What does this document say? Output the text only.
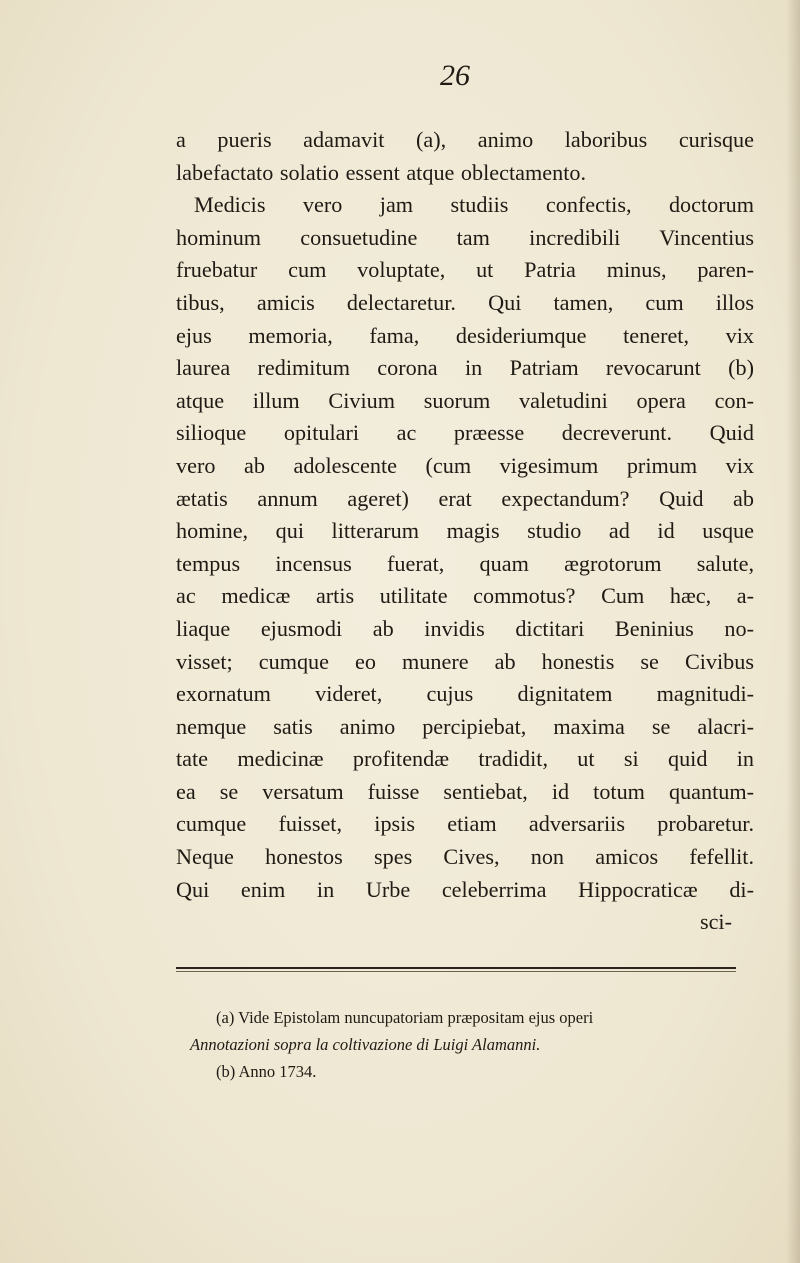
26
a pueris adamavit (a), animo laboribus curisque
labefactato solatio essent atque oblectamento.
Medicis vero jam studiis confectis, doctorum
hominum consuetudine tam incredibili Vincentius
fruebatur cum voluptate, ut Patria minus, paren-
tibus, amicis delectaretur. Qui tamen, cum illos
ejus memoria, fama, desideriumque teneret, vix
laurea redimitum corona in Patriam revocarunt (b)
atque illum Civium suorum valetudini opera con-
silioque opitulari ac præesse decreverunt. Quid
vero ab adolescente (cum vigesimum primum vix
ætatis annum ageret) erat expectandum? Quid ab
homine, qui litterarum magis studio ad id usque
tempus incensus fuerat, quam ægrotorum salute,
ac medicæ artis utilitate commotus? Cum hæc, a-
liaque ejusmodi ab invidis dictitari Beninius no-
visset; cumque eo munere ab honestis se Civibus
exornatum videret, cujus dignitatem magnitudi-
nemque satis animo percipiebat, maxima se alacri-
tate medicinæ profitendæ tradidit, ut si quid in
ea se versatum fuisse sentiebat, id totum quantum-
cumque fuisset, ipsis etiam adversariis probaretur.
Neque honestos spes Cives, non amicos fefellit.
Qui enim in Urbe celeberrima Hippocraticæ di-
sci-
(a) Vide Epistolam nuncupatoriam præpositam ejus operi
Annotazioni sopra la coltivazione di Luigi Alamanni.
(b) Anno 1734.
